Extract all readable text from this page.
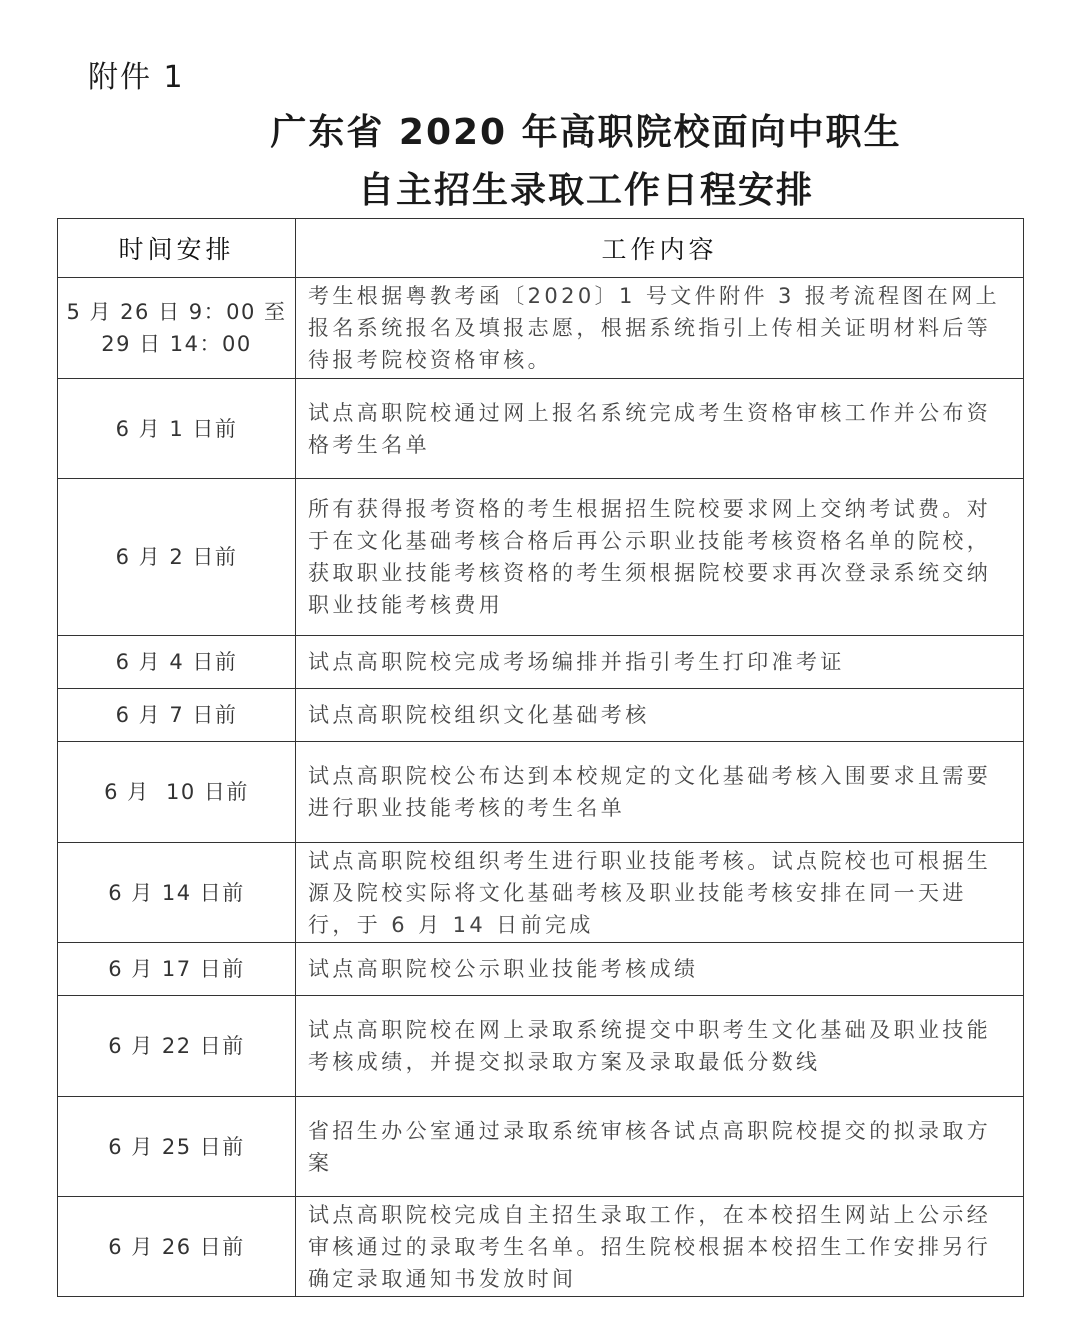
附件 1
广东省 2020 年高职院校面向中职生
自主招生录取工作日程安排
时间安排	工作内容
5 月 26 日 9：00 至
29 日 14：00	考生根据粤教考函〔2020〕1 号文件附件 3 报考流程图在网上报名系统报名及填报志愿，根据系统指引上传相关证明材料后等待报考院校资格审核。
6 月 1 日前	试点高职院校通过网上报名系统完成考生资格审核工作并公布资格考生名单
6 月 2 日前	所有获得报考资格的考生根据招生院校要求网上交纳考试费。对于在文化基础考核合格后再公示职业技能考核资格名单的院校，获取职业技能考核资格的考生须根据院校要求再次登录系统交纳职业技能考核费用
6 月 4 日前	试点高职院校完成考场编排并指引考生打印准考证
6 月 7 日前	试点高职院校组织文化基础考核
6 月  10 日前	试点高职院校公布达到本校规定的文化基础考核入围要求且需要进行职业技能考核的考生名单
6 月 14 日前	试点高职院校组织考生进行职业技能考核。试点院校也可根据生源及院校实际将文化基础考核及职业技能考核安排在同一天进行，于 6 月 14 日前完成
6 月 17 日前	试点高职院校公示职业技能考核成绩
6 月 22 日前	试点高职院校在网上录取系统提交中职考生文化基础及职业技能考核成绩，并提交拟录取方案及录取最低分数线
6 月 25 日前	省招生办公室通过录取系统审核各试点高职院校提交的拟录取方案
6 月 26 日前	试点高职院校完成自主招生录取工作，在本校招生网站上公示经审核通过的录取考生名单。招生院校根据本校招生工作安排另行确定录取通知书发放时间
